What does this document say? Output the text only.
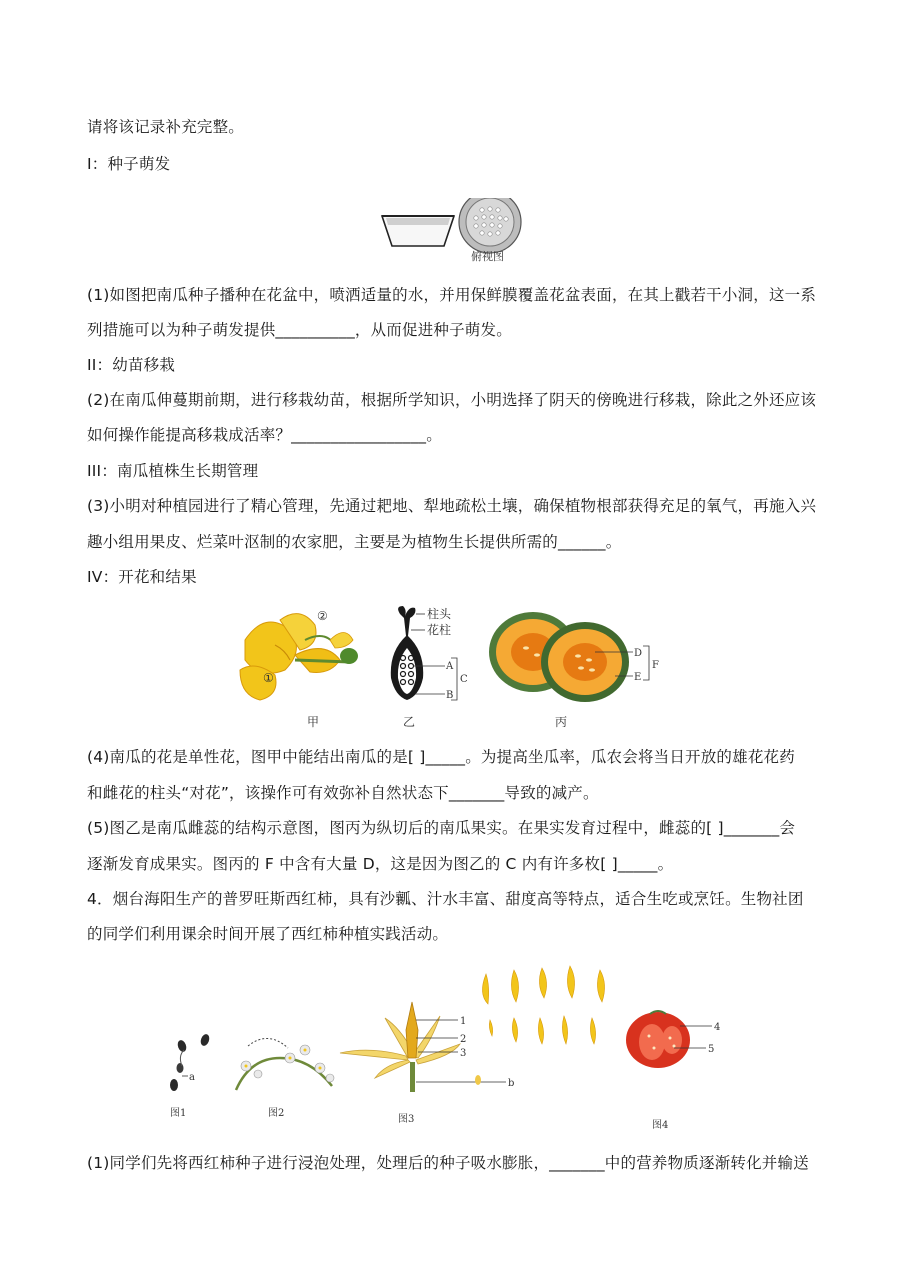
请将该记录补充完整。
I：种子萌发
俯视图
(1)如图把南瓜种子播种在花盆中，喷洒适量的水，并用保鲜膜覆盖花盆表面，在其上戳若干小洞，这一系
列措施可以为种子萌发提供__________，从而促进种子萌发。
II：幼苗移栽
(2)在南瓜伸蔓期前期，进行移栽幼苗，根据所学知识，小明选择了阴天的傍晚进行移栽，除此之外还应该
如何操作能提高移栽成活率？_________________。
III：南瓜植株生长期管理
(3)小明对种植园进行了精心管理，先通过耙地、犁地疏松土壤，确保植物根部获得充足的氧气，再施入兴
趣小组用果皮、烂菜叶沤制的农家肥，主要是为植物生长提供所需的______。
IV：开花和结果
②
①
甲
柱头
花柱
A
B
C
乙
D
E
F
丙
(4)南瓜的花是单性花，图甲中能结出南瓜的是[ ]_____。为提高坐瓜率，瓜农会将当日开放的雄花花药
和雌花的柱头“对花”，该操作可有效弥补自然状态下_______导致的减产。
(5)图乙是南瓜雌蕊的结构示意图，图丙为纵切后的南瓜果实。在果实发育过程中，雌蕊的[ ]_______会
逐渐发育成果实。图丙的 F 中含有大量 D，这是因为图乙的 C 内有许多枚[ ]_____。
4．烟台海阳生产的普罗旺斯西红柿，具有沙瓤、汁水丰富、甜度高等特点，适合生吃或烹饪。生物社团
的同学们利用课余时间开展了西红柿种植实践活动。
a
图1	图2
1
2
3
b
图3
4
5
图4
(1)同学们先将西红柿种子进行浸泡处理，处理后的种子吸水膨胀，_______中的营养物质逐渐转化并输送
